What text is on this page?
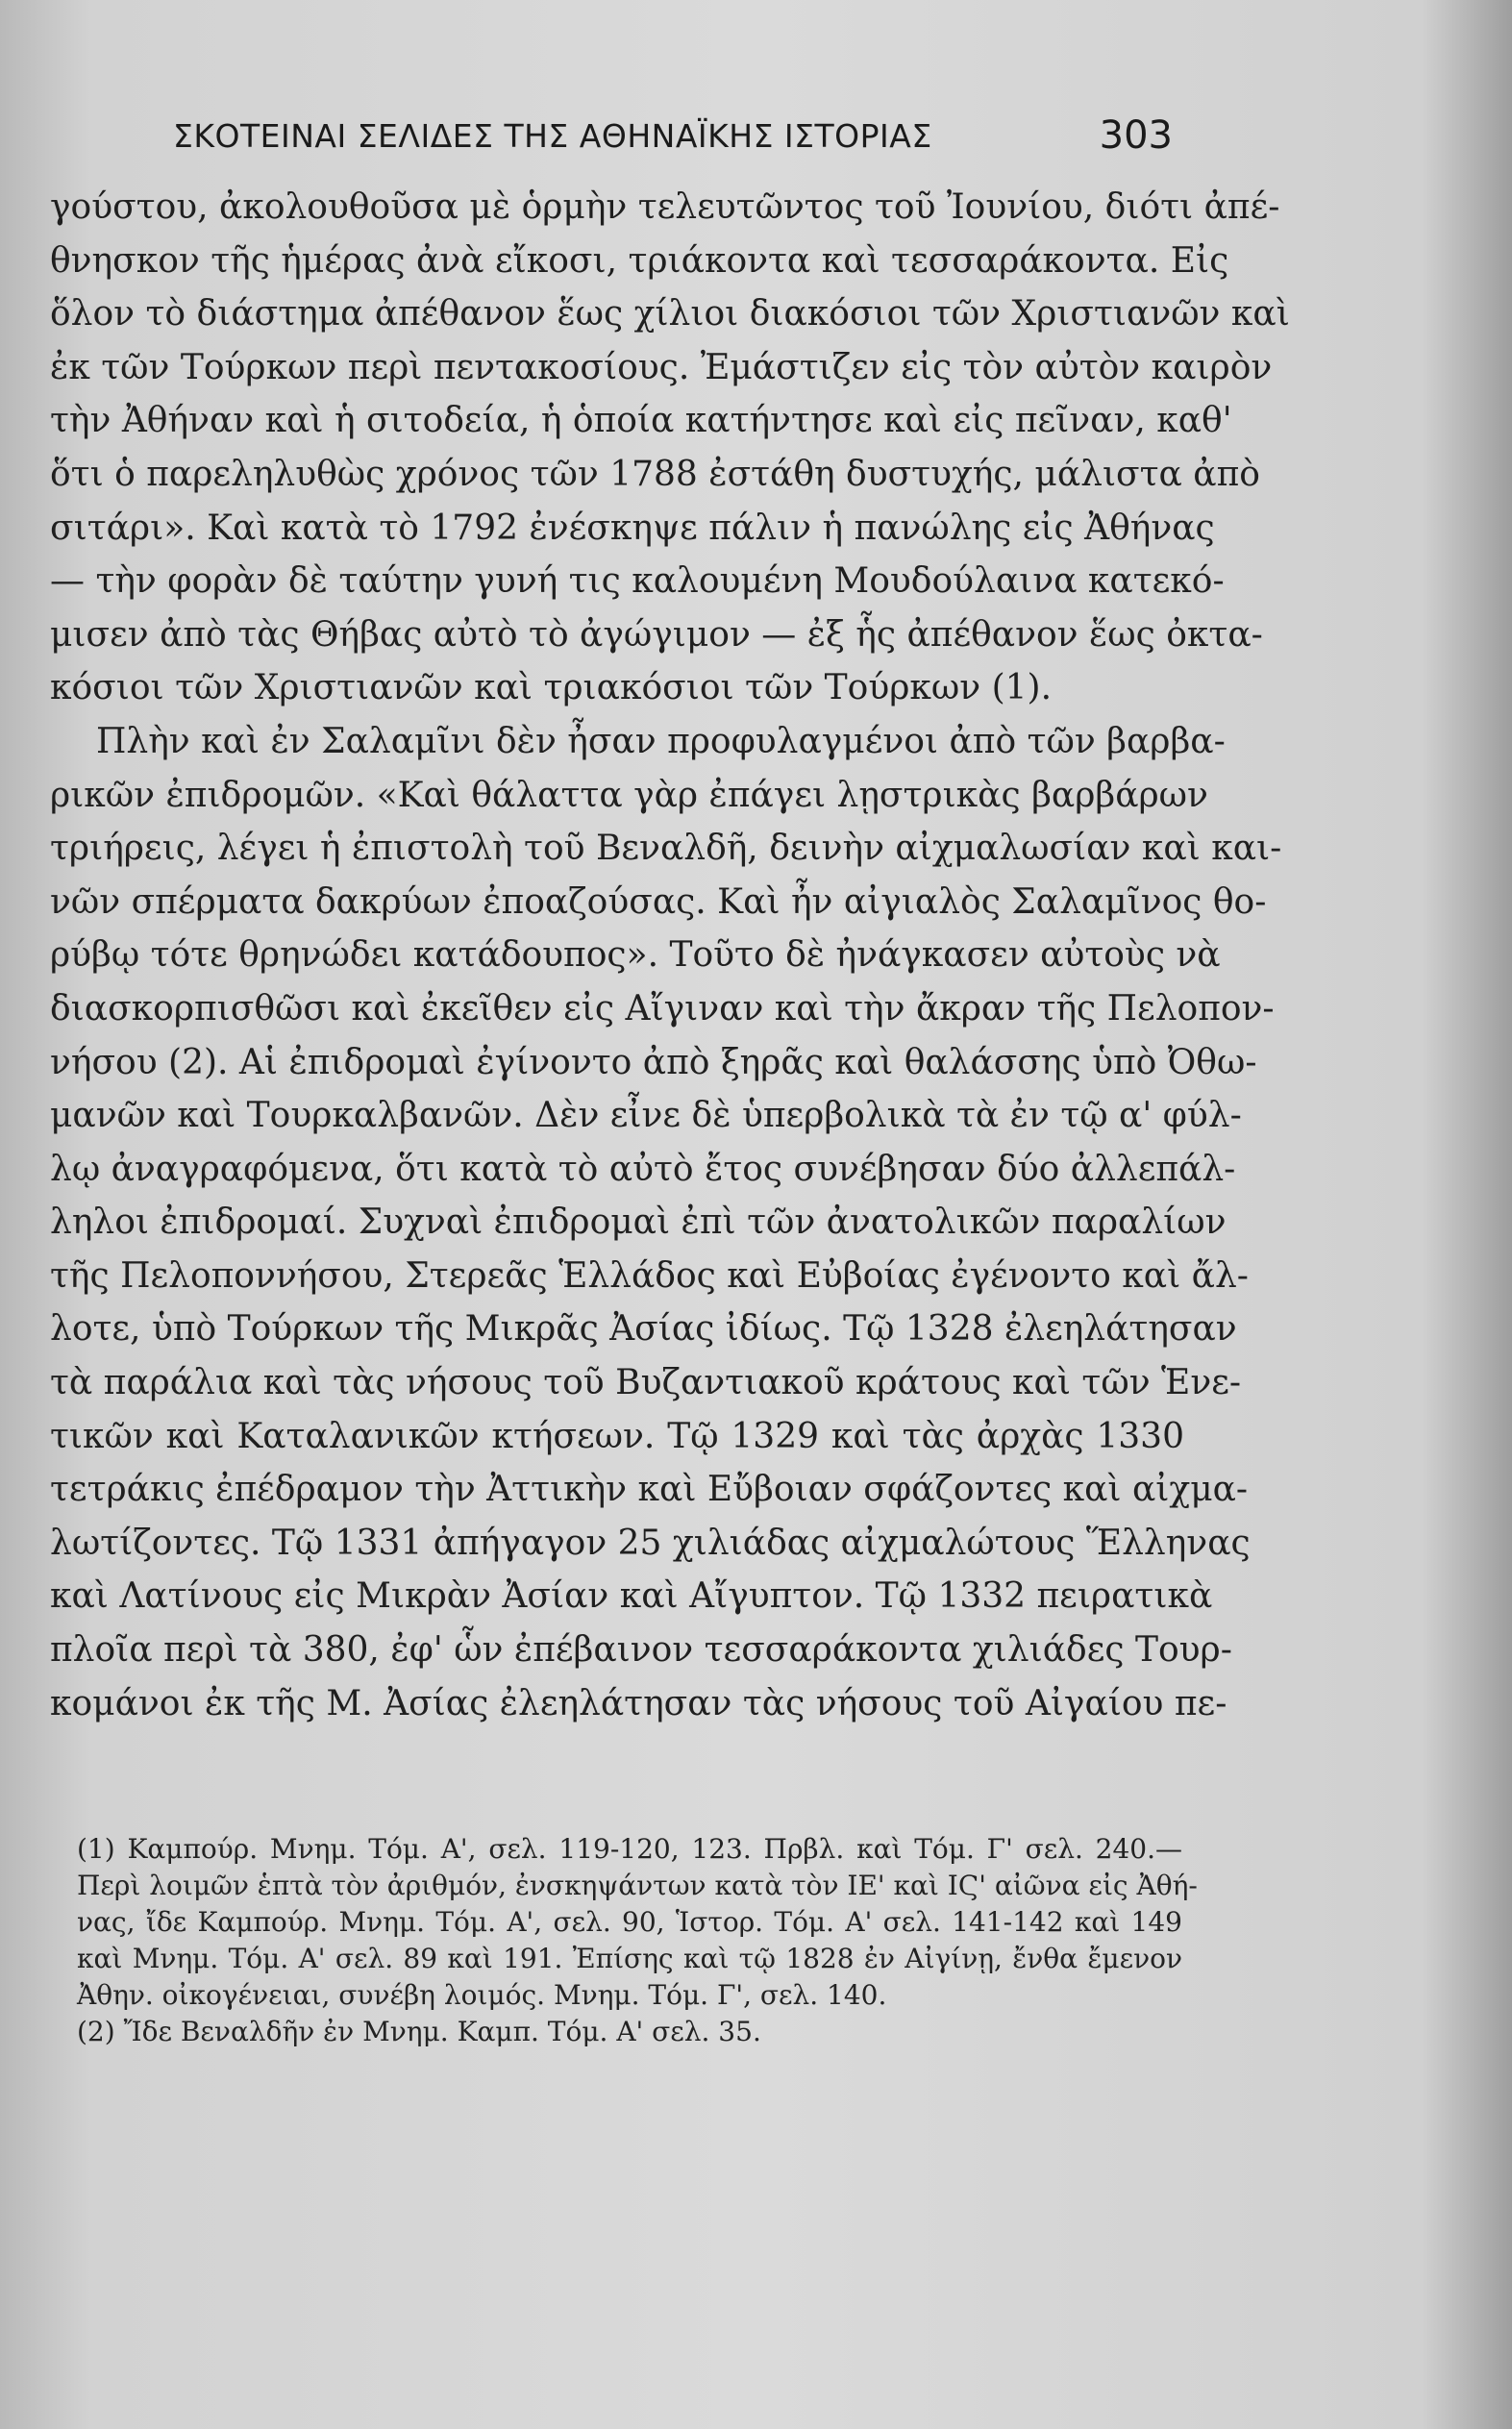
ΣΚΟΤΕΙΝΑΙ ΣΕΛΙΔΕΣ ΤΗΣ ΑΘΗΝΑΪΚΗΣ ΙΣΤΟΡΙΑΣ	303
γούστου, ἀκολουθοῦσα μὲ ὁρμὴν τελευτῶντος τοῦ Ἰουνίου, διότι ἀπέ-
θνησκον τῆς ἡμέρας ἀνὰ εἴκοσι, τριάκοντα καὶ τεσσαράκοντα. Εἰς
ὅλον τὸ διάστημα ἀπέθανον ἕως χίλιοι διακόσιοι τῶν Χριστιανῶν καὶ
ἐκ τῶν Τούρκων περὶ πεντακοσίους. Ἐμάστιζεν εἰς τὸν αὐτὸν καιρὸν
τὴν Ἀθήναν καὶ ἡ σιτοδεία, ἡ ὁποία κατήντησε καὶ εἰς πεῖναν, καθ'
ὅτι ὁ παρεληλυθὼς χρόνος τῶν 1788 ἐστάθη δυστυχής, μάλιστα ἀπὸ
σιτάρι». Καὶ κατὰ τὸ 1792 ἐνέσκηψε πάλιν ἡ πανώλης εἰς Ἀθήνας
— τὴν φορὰν δὲ ταύτην γυνή τις καλουμένη Μουδούλαινα κατεκό-
μισεν ἀπὸ τὰς Θήβας αὐτὸ τὸ ἀγώγιμον — ἐξ ἧς ἀπέθανον ἕως ὀκτα-
κόσιοι τῶν Χριστιανῶν καὶ τριακόσιοι τῶν Τούρκων (1).
Πλὴν καὶ ἐν Σαλαμῖνι δὲν ἦσαν προφυλαγμένοι ἀπὸ τῶν βαρβα-
ρικῶν ἐπιδρομῶν. «Καὶ θάλαττα γὰρ ἐπάγει λῃστρικὰς βαρβάρων
τριήρεις, λέγει ἡ ἐπιστολὴ τοῦ Βεναλδῆ, δεινὴν αἰχμαλωσίαν καὶ και-
νῶν σπέρματα δακρύων ἐποαζούσας. Καὶ ἦν αἰγιαλὸς Σαλαμῖνος θο-
ρύβῳ τότε θρηνώδει κατάδουπος». Τοῦτο δὲ ἠνάγκασεν αὐτοὺς νὰ
διασκορπισθῶσι καὶ ἐκεῖθεν εἰς Αἴγιναν καὶ τὴν ἄκραν τῆς Πελοπον-
νήσου (2). Αἱ ἐπιδρομαὶ ἐγίνοντο ἀπὸ ξηρᾶς καὶ θαλάσσης ὑπὸ Ὀθω-
μανῶν καὶ Τουρκαλβανῶν. Δὲν εἶνε δὲ ὑπερβολικὰ τὰ ἐν τῷ α' φύλ-
λῳ ἀναγραφόμενα, ὅτι κατὰ τὸ αὐτὸ ἔτος συνέβησαν δύο ἀλλεπάλ-
ληλοι ἐπιδρομαί. Συχναὶ ἐπιδρομαὶ ἐπὶ τῶν ἀνατολικῶν παραλίων
τῆς Πελοποννήσου, Στερεᾶς Ἑλλάδος καὶ Εὐβοίας ἐγένοντο καὶ ἄλ-
λοτε, ὑπὸ Τούρκων τῆς Μικρᾶς Ἀσίας ἰδίως. Τῷ 1328 ἐλεηλάτησαν
τὰ παράλια καὶ τὰς νήσους τοῦ Βυζαντιακοῦ κράτους καὶ τῶν Ἑνε-
τικῶν καὶ Καταλανικῶν κτήσεων. Τῷ 1329 καὶ τὰς ἀρχὰς 1330
τετράκις ἐπέδραμον τὴν Ἀττικὴν καὶ Εὔβοιαν σφάζοντες καὶ αἰχμα-
λωτίζοντες. Τῷ 1331 ἀπήγαγον 25 χιλιάδας αἰχμαλώτους Ἕλληνας
καὶ Λατίνους εἰς Μικρὰν Ἀσίαν καὶ Αἴγυπτον. Τῷ 1332 πειρατικὰ
πλοῖα περὶ τὰ 380, ἐφ' ὧν ἐπέβαινον τεσσαράκοντα χιλιάδες Τουρ-
κομάνοι ἐκ τῆς Μ. Ἀσίας ἐλεηλάτησαν τὰς νήσους τοῦ Αἰγαίου πε-
(1) Καμπούρ. Μνημ. Τόμ. Α', σελ. 119-120, 123. Πρβλ. καὶ Τόμ. Γ' σελ. 240.—
Περὶ λοιμῶν ἑπτὰ τὸν ἀριθμόν, ἐνσκηψάντων κατὰ τὸν ΙΕ' καὶ ΙϚ' αἰῶνα εἰς Ἀθή-
νας, ἴδε Καμπούρ. Μνημ. Τόμ. Α', σελ. 90, Ἱστορ. Τόμ. Α' σελ. 141-142 καὶ 149
καὶ Μνημ. Τόμ. Α' σελ. 89 καὶ 191. Ἐπίσης καὶ τῷ 1828 ἐν Αἰγίνῃ, ἔνθα ἔμενον
Ἀθην. οἰκογένειαι, συνέβη λοιμός. Μνημ. Τόμ. Γ', σελ. 140.
(2) Ἴδε Βεναλδῆν ἐν Μνημ. Καμπ. Τόμ. Α' σελ. 35.
